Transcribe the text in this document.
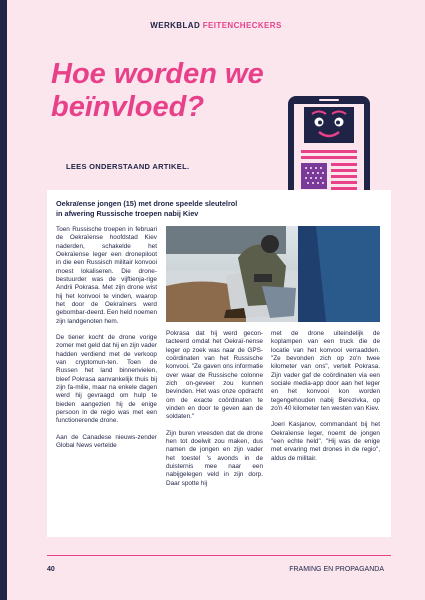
WERKBLAD FEITENCHECKERS
Hoe worden we
beïnvloed?
LEES ONDERSTAAND ARTIKEL.
Oekraïense jongen (15) met drone speelde sleutelrol
in afwering Russische troepen nabij Kiev

Toen Russische troepen in februari de Oekraïense hoofdstad Kiev naderden, schakelde het Oekraïense leger een dronepiloot in die een Russisch militair konvooi moest lokaliseren. Die drone-bestuurder was de vijftienja-rige Andrii Pokrasa. Met zijn drone wist hij het konvooi te vinden, waarop het door de Oekraïners werd gebombar-deerd. Een held noemen zijn landgenoten hem.

De tiener kocht de drone vorige zomer met geld dat hij en zijn vader hadden verdiend met de verkoop van cryptomun-ten. Toen de Russen het land binnenvielen, bleef Pokrasa aanvankelijk thuis bij zijn fa-milie, maar na enkele dagen werd hij gevraagd om hulp te bieden aangezien hij de enige persoon in de regio was met een functionerende drone.

Aan de Canadese nieuws-zender Global News vertelde

Pokrasa dat hij werd gecon-tacteerd omdat het Oekraï-nense leger op zoek was naar de GPS-coördinaten van het Russische konvooi. "Ze gaven ons informatie over waar de Russische colonne zich on-geveer zou kunnen bevinden. Het was onze opdracht om de exacte coördinaten te vinden en door te geven aan de soldaten."

Zijn buren vreesden dat de drone hen tot doelwit zou maken, dus namen de jongen en zijn vader het toestel 's avonds in de duisternis mee naar een nabijgelegen veld in zijn dorp. Daar spotte hij

met de drone uiteindelijk de koplampen van een truck die de locatie van het konvooi verraadden. "Ze bevonden zich op zo'n twee kilometer van ons", vertelt Pokrasa. Zijn vader gaf de coördinaten via een sociale media-app door aan het leger en het konvooi kon worden tegengehouden nabij Berezivka, op zo'n 40 kilometer ten westen van Kiev.

Joeri Kasjanov, commandant bij het Oekraïense leger, noemt de jongen "een echte held". "Hij was de enige met ervaring met drones in de regio", aldus de militair.

40	FRAMING EN PROPAGANDA
